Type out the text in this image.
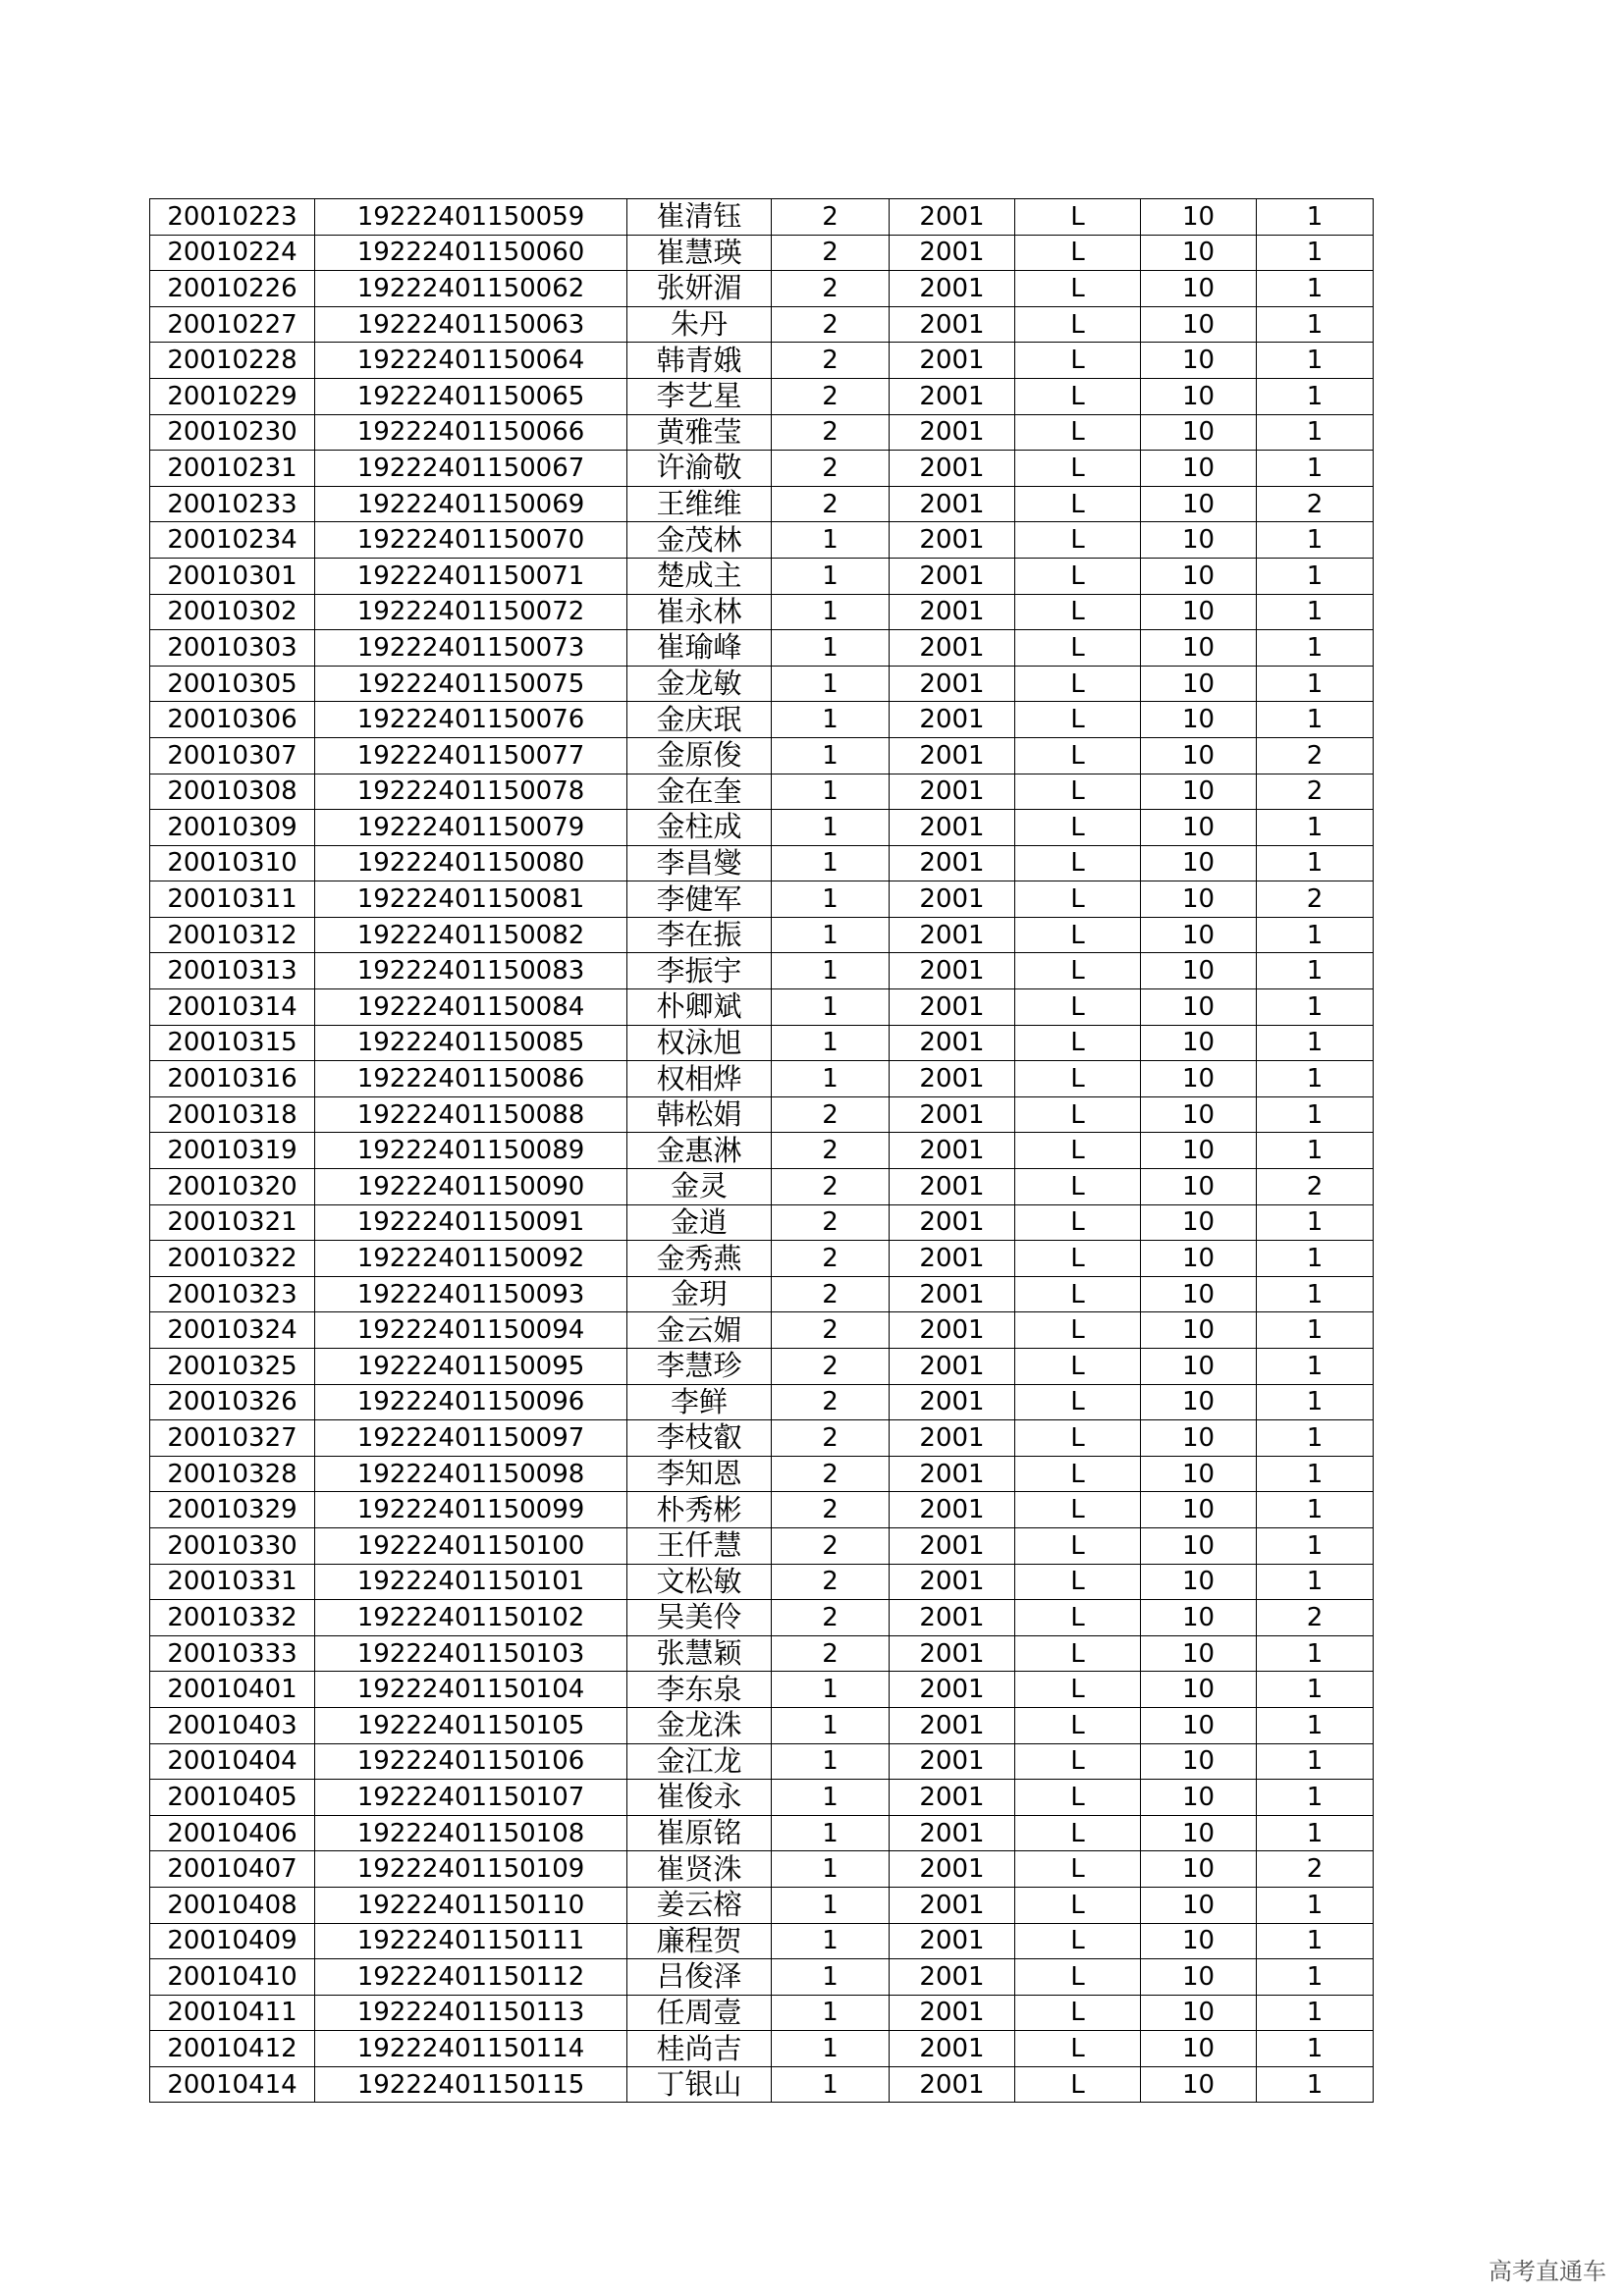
20010223	19222401150059	崔清钰	2	2001	L	10	1
20010224	19222401150060	崔慧瑛	2	2001	L	10	1
20010226	19222401150062	张妍湄	2	2001	L	10	1
20010227	19222401150063	朱丹	2	2001	L	10	1
20010228	19222401150064	韩青娥	2	2001	L	10	1
20010229	19222401150065	李艺星	2	2001	L	10	1
20010230	19222401150066	黄雅莹	2	2001	L	10	1
20010231	19222401150067	许渝敬	2	2001	L	10	1
20010233	19222401150069	王维维	2	2001	L	10	2
20010234	19222401150070	金茂林	1	2001	L	10	1
20010301	19222401150071	楚成主	1	2001	L	10	1
20010302	19222401150072	崔永林	1	2001	L	10	1
20010303	19222401150073	崔瑜峰	1	2001	L	10	1
20010305	19222401150075	金龙敏	1	2001	L	10	1
20010306	19222401150076	金庆珉	1	2001	L	10	1
20010307	19222401150077	金原俊	1	2001	L	10	2
20010308	19222401150078	金在奎	1	2001	L	10	2
20010309	19222401150079	金柱成	1	2001	L	10	1
20010310	19222401150080	李昌燮	1	2001	L	10	1
20010311	19222401150081	李健军	1	2001	L	10	2
20010312	19222401150082	李在振	1	2001	L	10	1
20010313	19222401150083	李振宇	1	2001	L	10	1
20010314	19222401150084	朴卿斌	1	2001	L	10	1
20010315	19222401150085	权泳旭	1	2001	L	10	1
20010316	19222401150086	权相烨	1	2001	L	10	1
20010318	19222401150088	韩松娟	2	2001	L	10	1
20010319	19222401150089	金惠淋	2	2001	L	10	1
20010320	19222401150090	金灵	2	2001	L	10	2
20010321	19222401150091	金逍	2	2001	L	10	1
20010322	19222401150092	金秀燕	2	2001	L	10	1
20010323	19222401150093	金玥	2	2001	L	10	1
20010324	19222401150094	金云媚	2	2001	L	10	1
20010325	19222401150095	李慧珍	2	2001	L	10	1
20010326	19222401150096	李鲜	2	2001	L	10	1
20010327	19222401150097	李枝叡	2	2001	L	10	1
20010328	19222401150098	李知恩	2	2001	L	10	1
20010329	19222401150099	朴秀彬	2	2001	L	10	1
20010330	19222401150100	王仟慧	2	2001	L	10	1
20010331	19222401150101	文松敏	2	2001	L	10	1
20010332	19222401150102	吴美伶	2	2001	L	10	2
20010333	19222401150103	张慧颖	2	2001	L	10	1
20010401	19222401150104	李东泉	1	2001	L	10	1
20010403	19222401150105	金龙洙	1	2001	L	10	1
20010404	19222401150106	金江龙	1	2001	L	10	1
20010405	19222401150107	崔俊永	1	2001	L	10	1
20010406	19222401150108	崔原铭	1	2001	L	10	1
20010407	19222401150109	崔贤洙	1	2001	L	10	2
20010408	19222401150110	姜云榕	1	2001	L	10	1
20010409	19222401150111	廉程贺	1	2001	L	10	1
20010410	19222401150112	吕俊泽	1	2001	L	10	1
20010411	19222401150113	任周壹	1	2001	L	10	1
20010412	19222401150114	桂尚吉	1	2001	L	10	1
20010414	19222401150115	丁银山	1	2001	L	10	1
高考直通车
